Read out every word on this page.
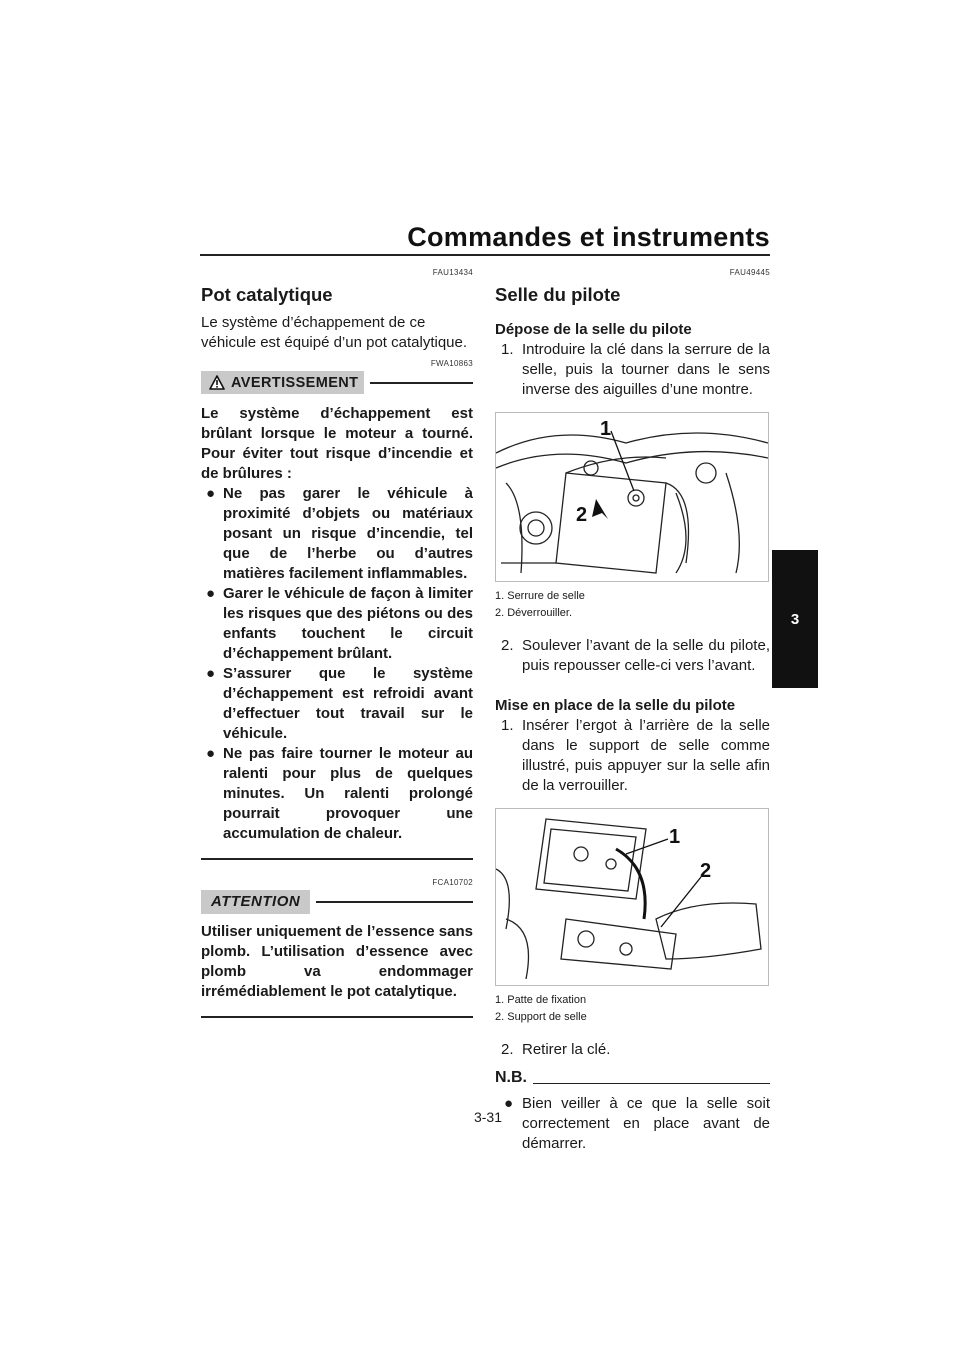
Commandes et instruments
3
FAU13434
Pot catalytique

Le système d’échappement de ce véhicule est équipé d’un pot catalytique.

FWA10863
AVERTISSEMENT

Le système d’échappement est brûlant lorsque le moteur a tourné. Pour éviter tout risque d’incendie et de brûlures :

● Ne pas garer le véhicule à proximité d’objets ou matériaux posant un risque d’incendie, tel que de l’herbe ou d’autres matières facilement inflammables.
● Garer le véhicule de façon à limiter les risques que des piétons ou des enfants touchent le circuit d’échappement brûlant.
● S’assurer que le système d’échappement est refroidi avant d’effectuer tout travail sur le véhicule.
● Ne pas faire tourner le moteur au ralenti pour plus de quelques minutes. Un ralenti prolongé pourrait provoquer une accumulation de chaleur.
FCA10702
ATTENTION

Utiliser uniquement de l’essence sans plomb. L’utilisation d’essence avec plomb va endommager irrémédiablement le pot catalytique.

FAU49445
Selle du pilote
Dépose de la selle du pilote
1. Introduire la clé dans la serrure de la selle, puis la tourner dans le sens inverse des aiguilles d’une montre.
1
2
1. Serrure de selle
2. Déverrouiller.
2. Soulever l’avant de la selle du pilote, puis repousser celle-ci vers l’avant.
Mise en place de la selle du pilote
1. Insérer l’ergot à l’arrière de la selle dans le support de selle comme illustré, puis appuyer sur la selle afin de la verrouiller.
1
2
1. Patte de fixation
2. Support de selle
2. Retirer la clé.
N.B.
● Bien veiller à ce que la selle soit correctement en place avant de démarrer.
3-31
